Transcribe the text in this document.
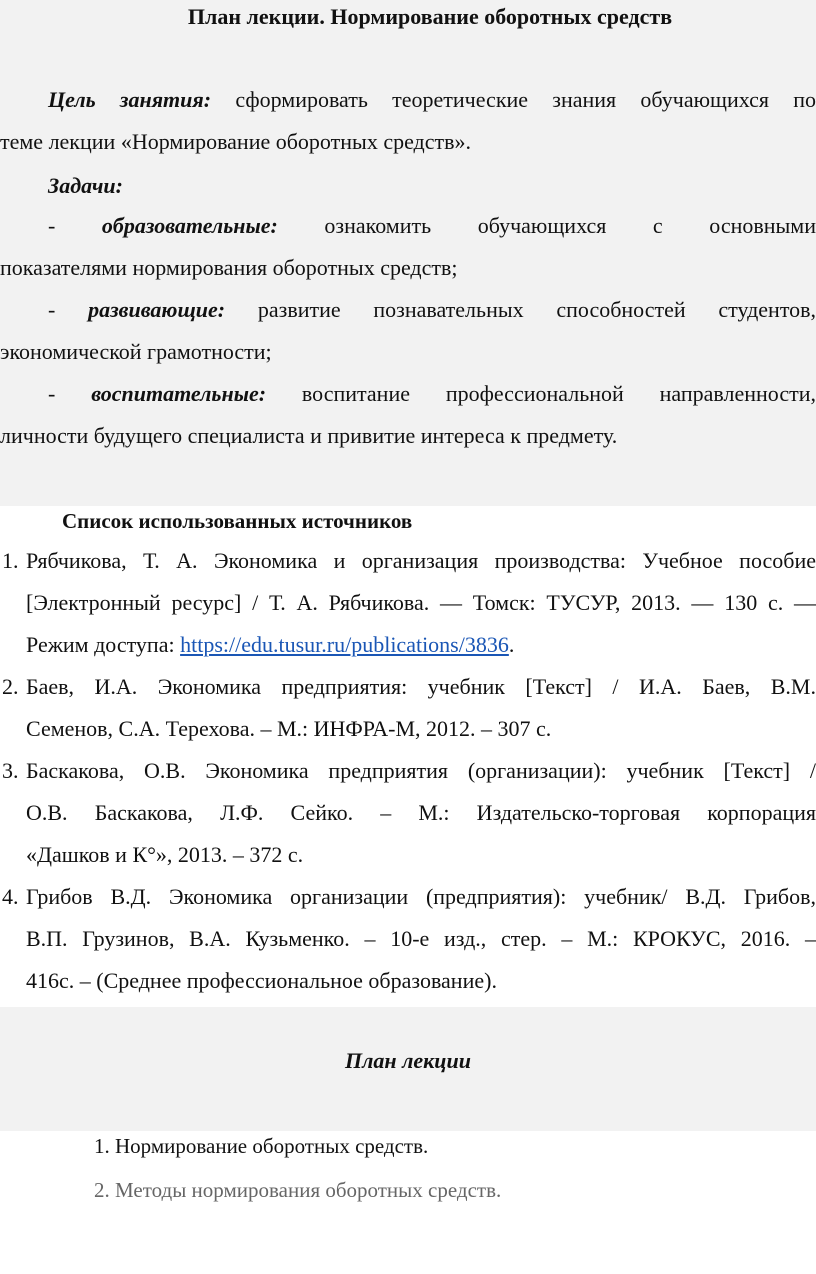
План лекции. Нормирование оборотных средств
Цель занятия: сформировать теоретические знания обучающихся по
теме лекции «Нормирование оборотных средств».
Задачи:
- образовательные: ознакомить обучающихся с основными
показателями нормирования оборотных средств;
- развивающие: развитие познавательных способностей студентов,
экономической грамотности;
- воспитательные: воспитание профессиональной направленности,
личности будущего специалиста и привитие интереса к предмету.
Список использованных источников
1. Рябчикова, Т. А. Экономика и организация производства: Учебное пособие
[Электронный ресурс] / Т. А. Рябчикова. — Томск: ТУСУР, 2013. — 130 с. —
Режим доступа: https://edu.tusur.ru/publications/3836.
2. Баев, И.А. Экономика предприятия: учебник [Текст] / И.А. Баев, В.М.
Семенов, С.А. Терехова. – М.: ИНФРА-М, 2012. – 307 с.
3. Баскакова, О.В. Экономика предприятия (организации): учебник [Текст] /
О.В. Баскакова, Л.Ф. Сейко. – М.: Издательско-торговая корпорация
«Дашков и К°», 2013. – 372 с.
4. Грибов В.Д. Экономика организации (предприятия): учебник/ В.Д. Грибов,
В.П. Грузинов, В.А. Кузьменко. – 10-е изд., стер. – М.: КРОКУС, 2016. –
416с. – (Среднее профессиональное образование).
План лекции
1. Нормирование оборотных средств.
2. Методы нормирования оборотных средств.
